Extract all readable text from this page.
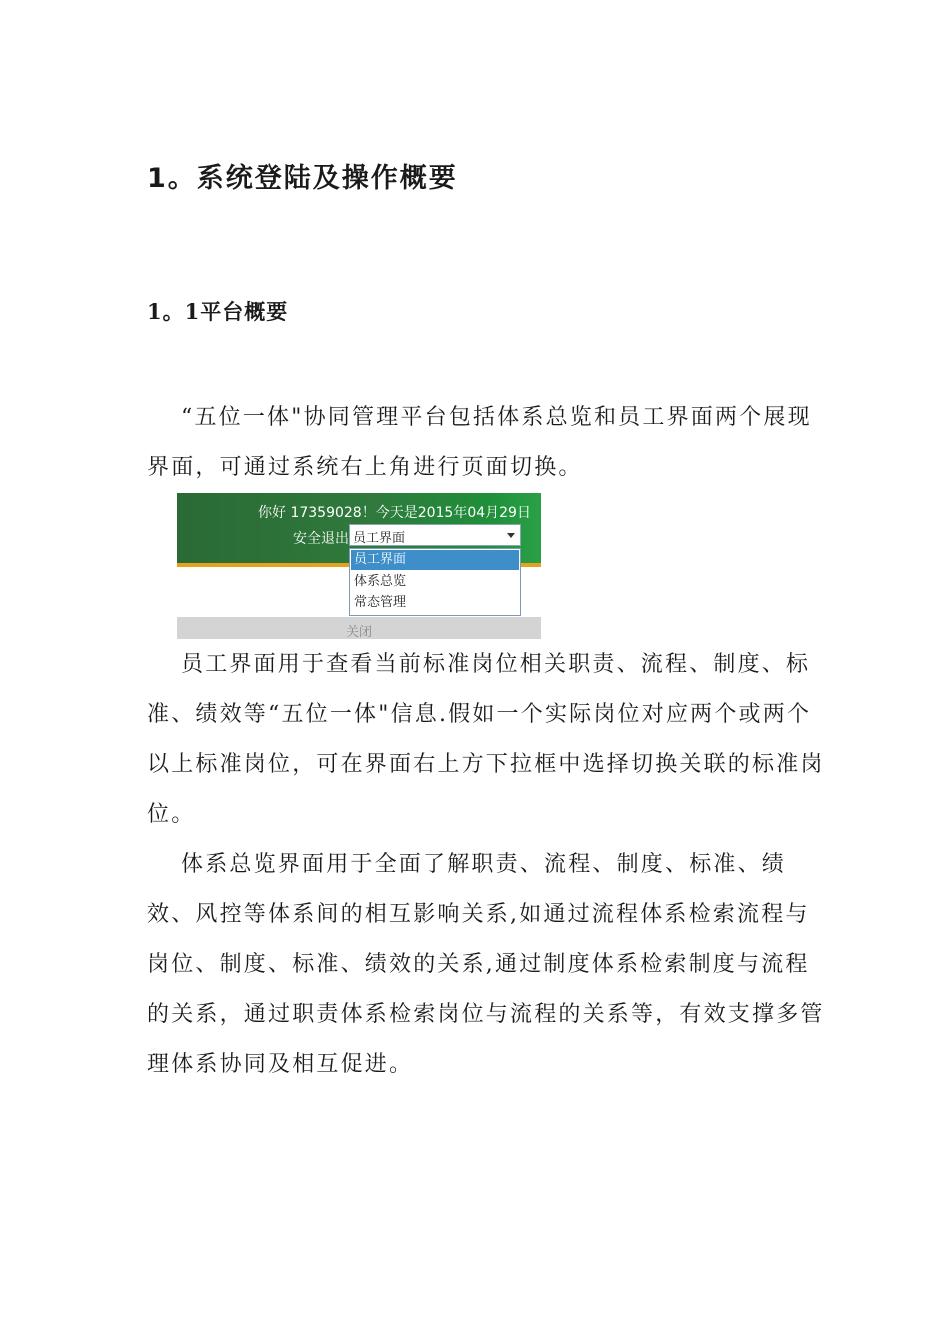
1。系统登陆及操作概要
1。1平台概要
“五位一体"协同管理平台包括体系总览和员工界面两个展现界面，可通过系统右上角进行页面切换。
关闭
你好 17359028！今天是2015年04月29日
安全退出 员工界面
员工界面
体系总览
常态管理
员工界面用于查看当前标准岗位相关职责、流程、制度、标准、绩效等“五位一体"信息.假如一个实际岗位对应两个或两个以上标准岗位，可在界面右上方下拉框中选择切换关联的标准岗位。
体系总览界面用于全面了解职责、流程、制度、标准、绩效、风控等体系间的相互影响关系,如通过流程体系检索流程与岗位、制度、标准、绩效的关系,通过制度体系检索制度与流程的关系，通过职责体系检索岗位与流程的关系等，有效支撑多管理体系协同及相互促进。
